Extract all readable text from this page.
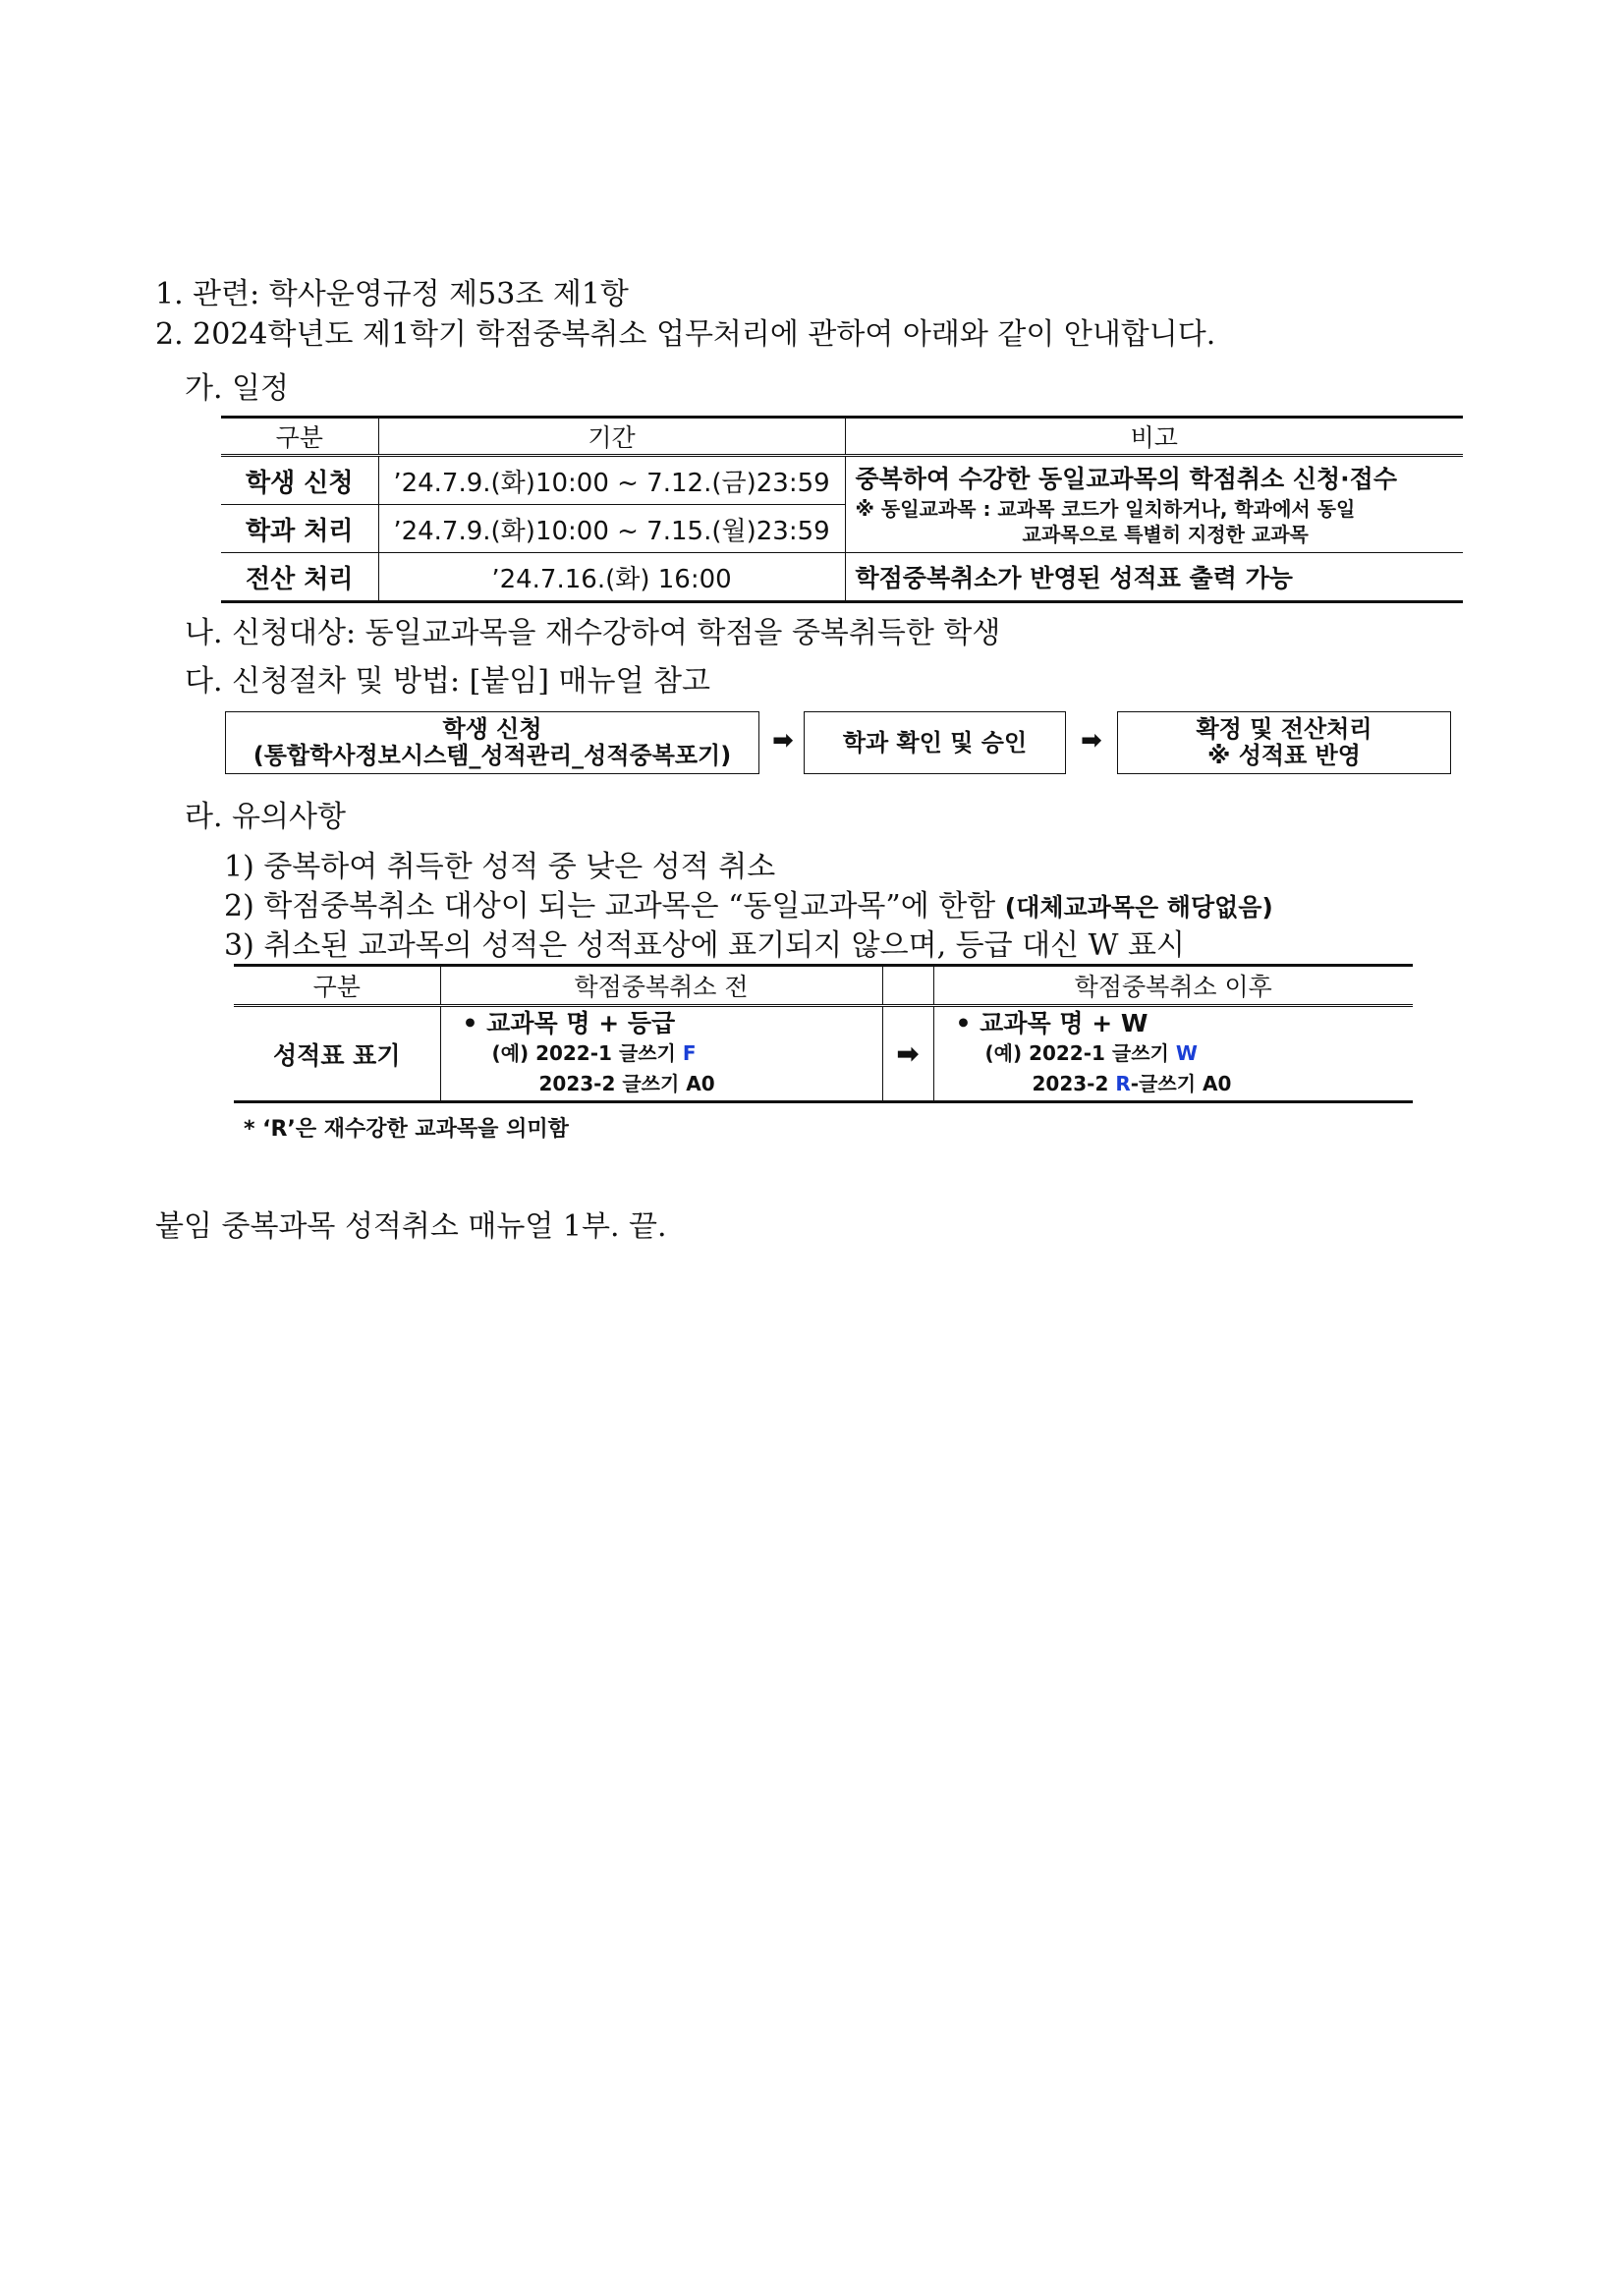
1. 관련: 학사운영규정 제53조 제1항
2. 2024학년도 제1학기 학점중복취소 업무처리에 관하여 아래와 같이 안내합니다.
가. 일정
구분	기간	비고
학생 신청	’24.7.9.(화)10:00 ~ 7.12.(금)23:59	중복하여 수강한 동일교과목의 학점취소 신청·접수
※ 동일교과목 : 교과목 코드가 일치하거나, 학과에서 동일
교과목으로 특별히 지정한 교과목

학과 처리	’24.7.9.(화)10:00 ~ 7.15.(월)23:59	
전산 처리	’24.7.16.(화) 16:00	학점중복취소가 반영된 성적표 출력 가능
나. 신청대상: 동일교과목을 재수강하여 학점을 중복취득한 학생
다. 신청절차 및 방법: [붙임] 매뉴얼 참고
학생 신청
(통합학사정보시스템_성적관리_성적중복포기) ➡ 학과 확인 및 승인 ➡	확정 및 전산처리
※ 성적표 반영
라. 유의사항
1) 중복하여 취득한 성적 중 낮은 성적 취소
2) 학점중복취소 대상이 되는 교과목은 “동일교과목”에 한함 (대체교과목은 해당없음)
3) 취소된 교과목의 성적은 성적표상에 표기되지 않으며, 등급 대신 W 표시
구분	학점중복취소 전		학점중복취소 이후
성적표 표기	• 교과목 명 + 등급
(예) 2022-1 글쓰기 F
2023-2 글쓰기 A0	➡	• 교과목 명 + W
(예) 2022-1 글쓰기 W
2023-2 R-글쓰기 A0
* ‘R’은 재수강한 교과목을 의미함
붙임 중복과목 성적취소 매뉴얼 1부. 끝.
